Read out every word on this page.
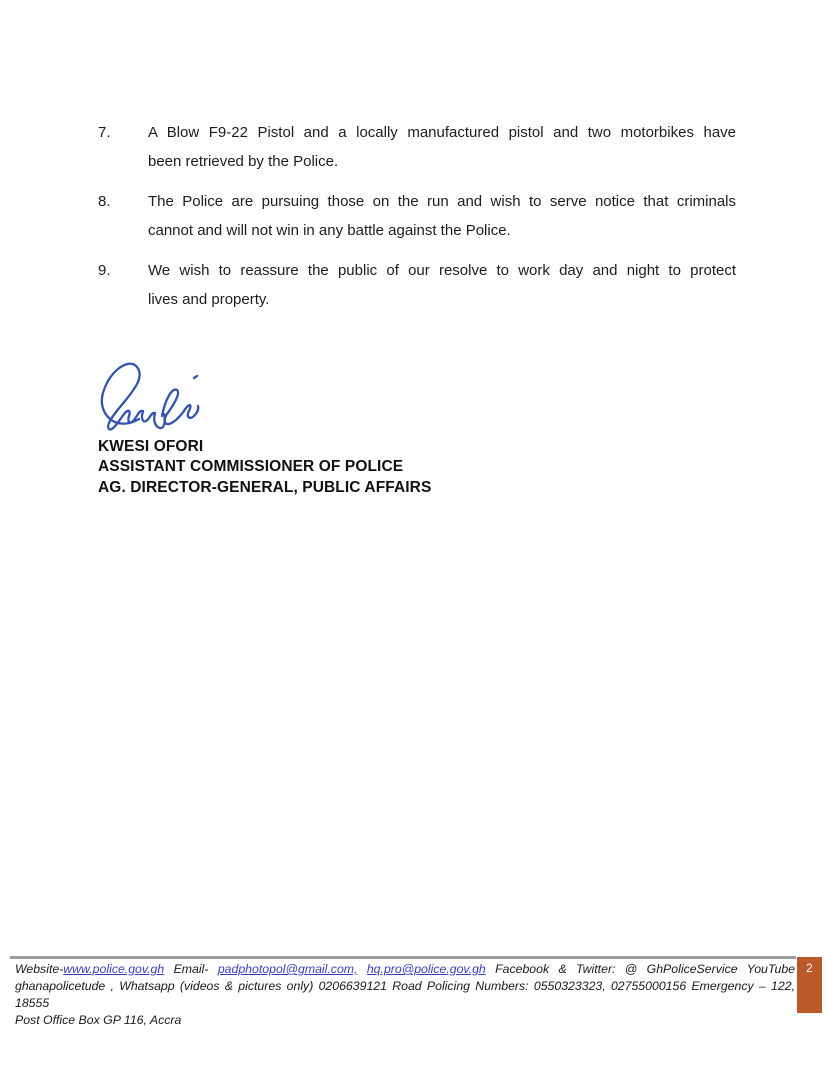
7.	A Blow F9-22 Pistol and a locally manufactured pistol and two motorbikes have
been retrieved by the Police.
8.	The Police are pursuing those on the run and wish to serve notice that criminals
cannot and will not win in any battle against the Police.
9.	We wish to reassure the public of our resolve to work day and night to protect
lives and property.
KWESI OFORI
ASSISTANT COMMISSIONER OF POLICE
AG. DIRECTOR-GENERAL, PUBLIC AFFAIRS
Website-www.police.gov.gh Email- padphotopol@gmail.com, hq.pro@police.gov.gh Facebook & Twitter: @ GhPoliceService YouTube
ghanapolicetude , Whatsapp (videos & pictures only) 0206639121 Road Policing Numbers: 0550323323, 02755000156 Emergency – 122, 18555
Post Office Box GP 116, Accra
2
